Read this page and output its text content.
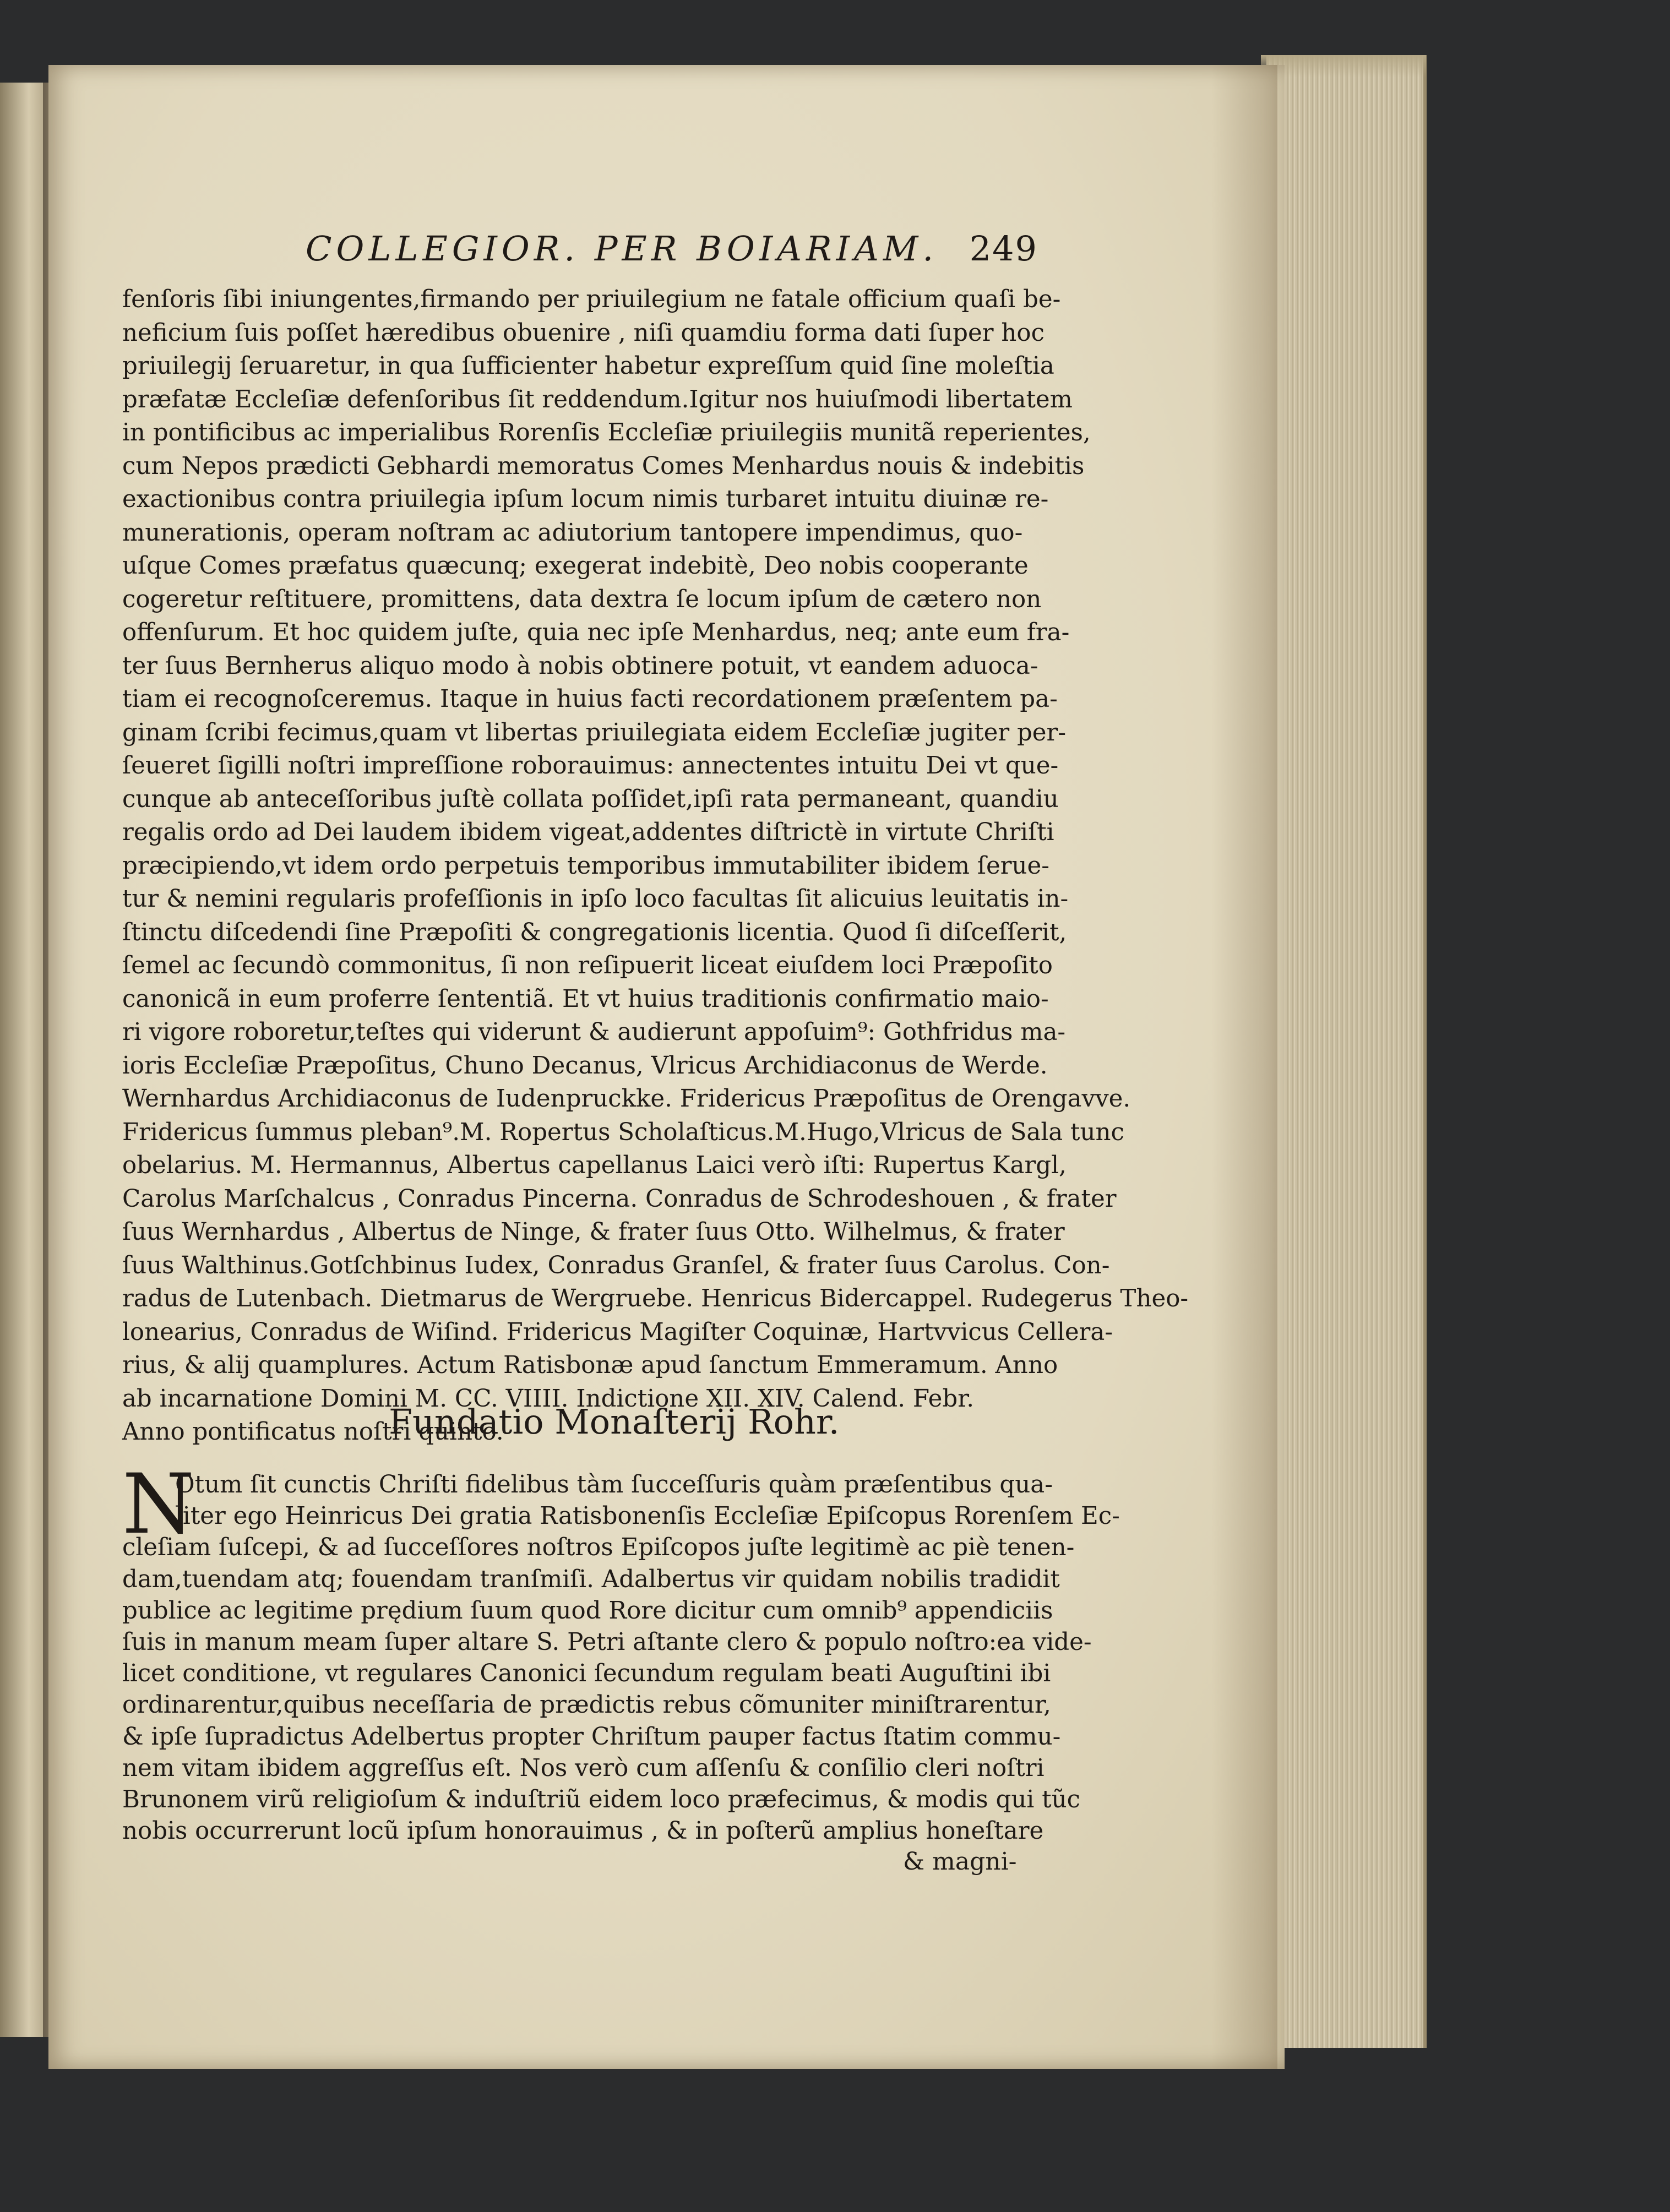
COLLEGIOR. PER BOIARIAM. 249
fenſoris ſibi iniungentes,firmando per priuilegium ne fatale officium quaſi be-
neficium ſuis poſſet hæredibus obuenire , niſi quamdiu forma dati ſuper hoc
priuilegij ſeruaretur, in qua ſufficienter habetur expreſſum quid ſine moleſtia
præfatæ Eccleſiæ defenſoribus ſit reddendum.Igitur nos huiuſmodi libertatem
in pontificibus ac imperialibus Rorenſis Eccleſiæ priuilegiis munitã reperientes,
cum Nepos prædicti Gebhardi memoratus Comes Menhardus nouis & indebitis
exactionibus contra priuilegia ipſum locum nimis turbaret intuitu diuinæ re-
munerationis, operam noſtram ac adiutorium tantopere impendimus, quo-
uſque Comes præfatus quæcunq; exegerat indebitè, Deo nobis cooperante
cogeretur reſtituere, promittens, data dextra ſe locum ipſum de cætero non
offenſurum. Et hoc quidem juſte, quia nec ipſe Menhardus, neq; ante eum fra-
ter ſuus Bernherus aliquo modo à nobis obtinere potuit, vt eandem aduoca-
tiam ei recognoſceremus. Itaque in huius facti recordationem præſentem pa-
ginam ſcribi fecimus,quam vt libertas priuilegiata eidem Eccleſiæ jugiter per-
ſeueret ſigilli noſtri impreſſione roborauimus: annectentes intuitu Dei vt que-
cunque ab anteceſſoribus juſtè collata poſſidet,ipſi rata permaneant, quandiu
regalis ordo ad Dei laudem ibidem vigeat,addentes diſtrictè in virtute Chriſti
præcipiendo,vt idem ordo perpetuis temporibus immutabiliter ibidem ſerue-
tur & nemini regularis profeſſionis in ipſo loco facultas ſit alicuius leuitatis in-
ſtinctu diſcedendi ſine Præpoſiti & congregationis licentia. Quod ſi diſceſſerit,
ſemel ac ſecundò commonitus, ſi non reſipuerit liceat eiuſdem loci Præpoſito
canonicã in eum proferre ſententiã. Et vt huius traditionis confirmatio maio-
ri vigore roboretur,teſtes qui viderunt & audierunt appoſuim⁹: Gothfridus ma-
ioris Eccleſiæ Præpoſitus, Chuno Decanus, Vlricus Archidiaconus de Werde.
Wernhardus Archidiaconus de Iudenpruckke. Fridericus Præpoſitus de Orengavve.
Fridericus ſummus pleban⁹.M. Ropertus Scholaſticus.M.Hugo,Vlricus de Sala tunc
obelarius. M. Hermannus, Albertus capellanus Laici verò iſti: Rupertus Kargl,
Carolus Marſchalcus , Conradus Pincerna. Conradus de Schrodeshouen , & frater
ſuus Wernhardus , Albertus de Ninge, & frater ſuus Otto. Wilhelmus, & frater
ſuus Walthinus.Gotſchbinus Iudex, Conradus Granſel, & frater ſuus Carolus. Con-
radus de Lutenbach. Dietmarus de Wergruebe. Henricus Bidercappel. Rudegerus Theo-
lonearius, Conradus de Wiſind. Fridericus Magiſter Coquinæ, Hartvvicus Cellera-
rius, & alij quamplures. Actum Ratisbonæ apud ſanctum Emmeramum. Anno
ab incarnatione Domini M. CC. VIIII. Indictione XII. XIV. Calend. Febr.
Anno pontificatus noſtri quinto.
Fundatio Monaſterij Rohr.
N
Otum ſit cunctis Chriſti fidelibus tàm ſucceſſuris quàm præſentibus qua-
liter ego Heinricus Dei gratia Ratisbonenſis Eccleſiæ Epiſcopus Rorenſem Ec-
cleſiam ſuſcepi, & ad ſucceſſores noſtros Epiſcopos juſte legitimè ac piè tenen-
dam,tuendam atq; fouendam tranſmiſi. Adalbertus vir quidam nobilis tradidit
publice ac legitime prędium ſuum quod Rore dicitur cum omnib⁹ appendiciis
ſuis in manum meam ſuper altare S. Petri aſtante clero & populo noſtro:ea vide-
licet conditione, vt regulares Canonici ſecundum regulam beati Auguſtini ibi
ordinarentur,quibus neceſſaria de prædictis rebus cõmuniter miniſtrarentur,
& ipſe ſupradictus Adelbertus propter Chriſtum pauper factus ſtatim commu-
nem vitam ibidem aggreſſus eſt. Nos verò cum aſſenſu & conſilio cleri noſtri
Brunonem virũ religioſum & induſtriũ eidem loco præfecimus, & modis qui tũc
nobis occurrerunt locũ ipſum honorauimus , & in poſterũ amplius honeſtare
& magni-
